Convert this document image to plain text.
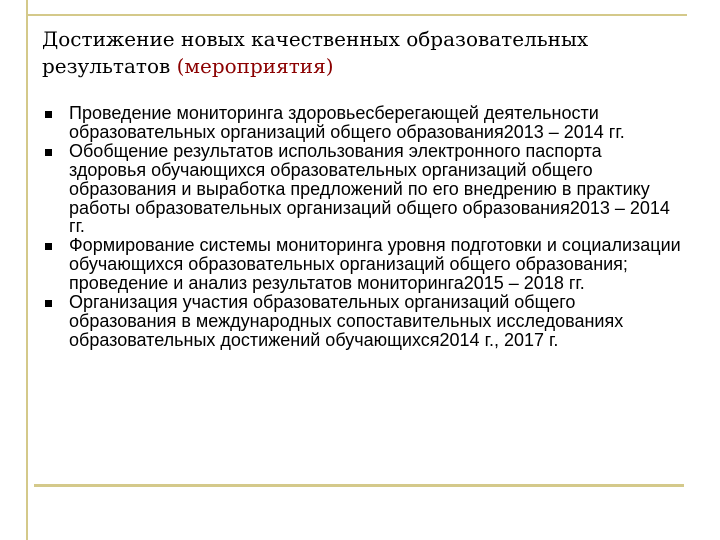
Достижение новых качественных образовательных результатов (мероприятия)
Проведение мониторинга здоровьесберегающей деятельности образовательных организаций общего образования2013 – 2014 гг.
Обобщение результатов использования электронного паспорта здоровья обучающихся образовательных организаций общего образования и выработка предложений по его внедрению в практику работы образовательных организаций общего образования2013 – 2014 гг.
Формирование системы мониторинга уровня подготовки и социализации обучающихся образовательных организаций общего образования; проведение и анализ результатов мониторинга2015 – 2018 гг.
Организация участия образовательных организаций общего образования в международных сопоставительных исследованиях образовательных достижений обучающихся2014 г., 2017 г.
